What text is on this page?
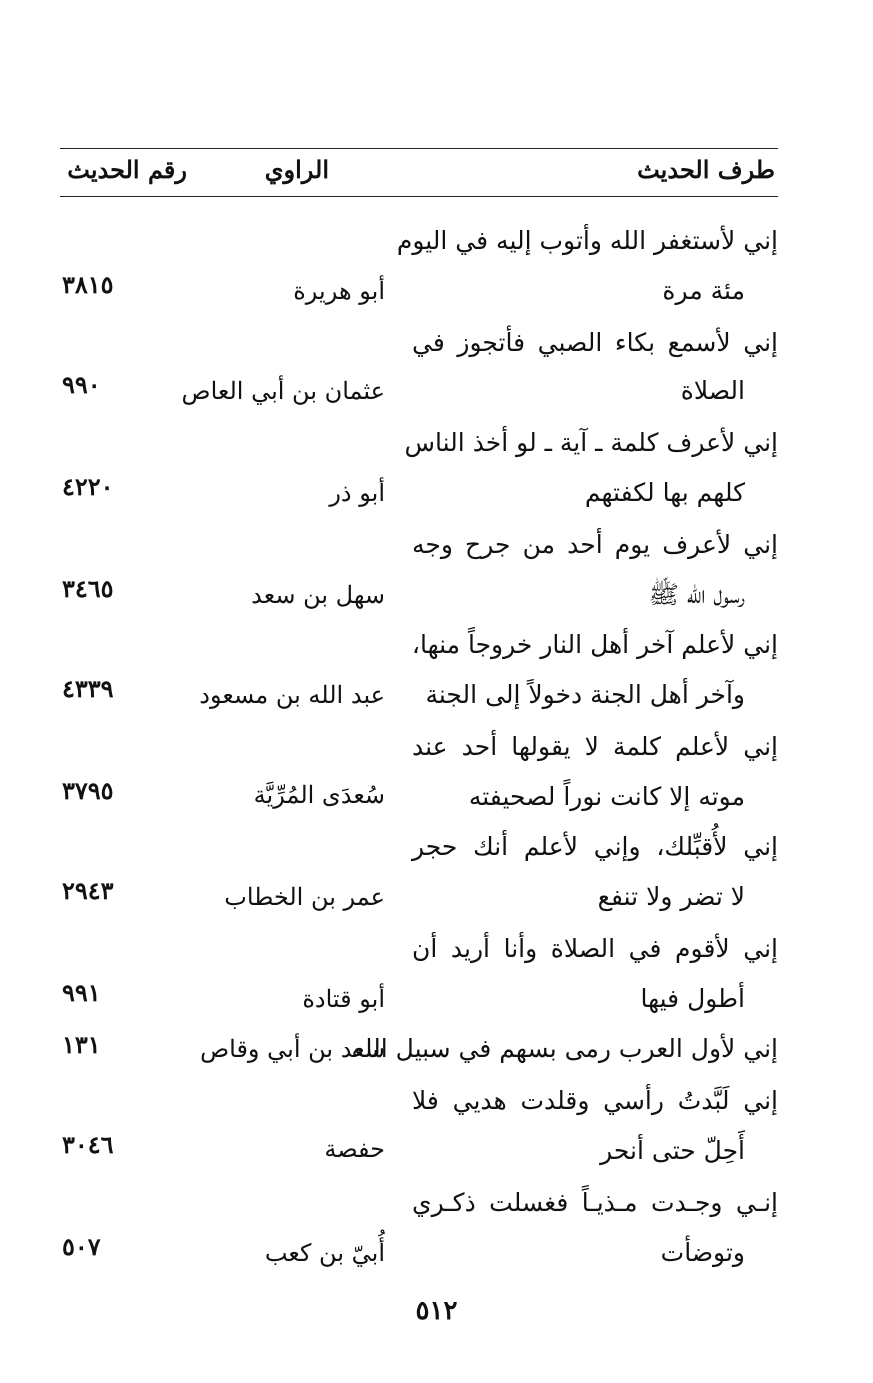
طرف الحديث
الراوي
رقم الحديث
إني لأستغفر الله وأتوب إليه في اليوم
مئة مرة
أبو هريرة
٣٨١٥
إني لأسمع بكاء الصبي فأتجوز في
الصلاة
عثمان بن أبي العاص
٩٩٠
إني لأعرف كلمة ـ آية ـ لو أخذ الناس
كلهم بها لكفتهم
أبو ذر
٤٢٢٠
إني لأعرف يوم أحد من جرح وجه
رسول الله ﷺ
سهل بن سعد
٣٤٦٥
إني لأعلم آخر أهل النار خروجاً منها،
وآخر أهل الجنة دخولاً إلى الجنة
عبد الله بن مسعود
٤٣٣٩
إني لأعلم كلمة لا يقولها أحد عند
موته إلا كانت نوراً لصحيفته
سُعدَى المُرِّيَّة
٣٧٩٥
إني لأُقبِّلك، وإني لأعلم أنك حجر
لا تضر ولا تنفع
عمر بن الخطاب
٢٩٤٣
إني لأقوم في الصلاة وأنا أريد أن
أطول فيها
أبو قتادة
٩٩١
إني لأول العرب رمى بسهم في سبيل الله
سعد بن أبي وقاص
١٣١
إني لَبَّدتُ رأسي وقلدت هديي فلا
أَحِلّ حتى أنحر
حفصة
٣٠٤٦
إنـي وجـدت مـذيـاً فغسلت ذكـري
وتوضأت
أُبيّ بن كعب
٥٠٧
٥١٢
